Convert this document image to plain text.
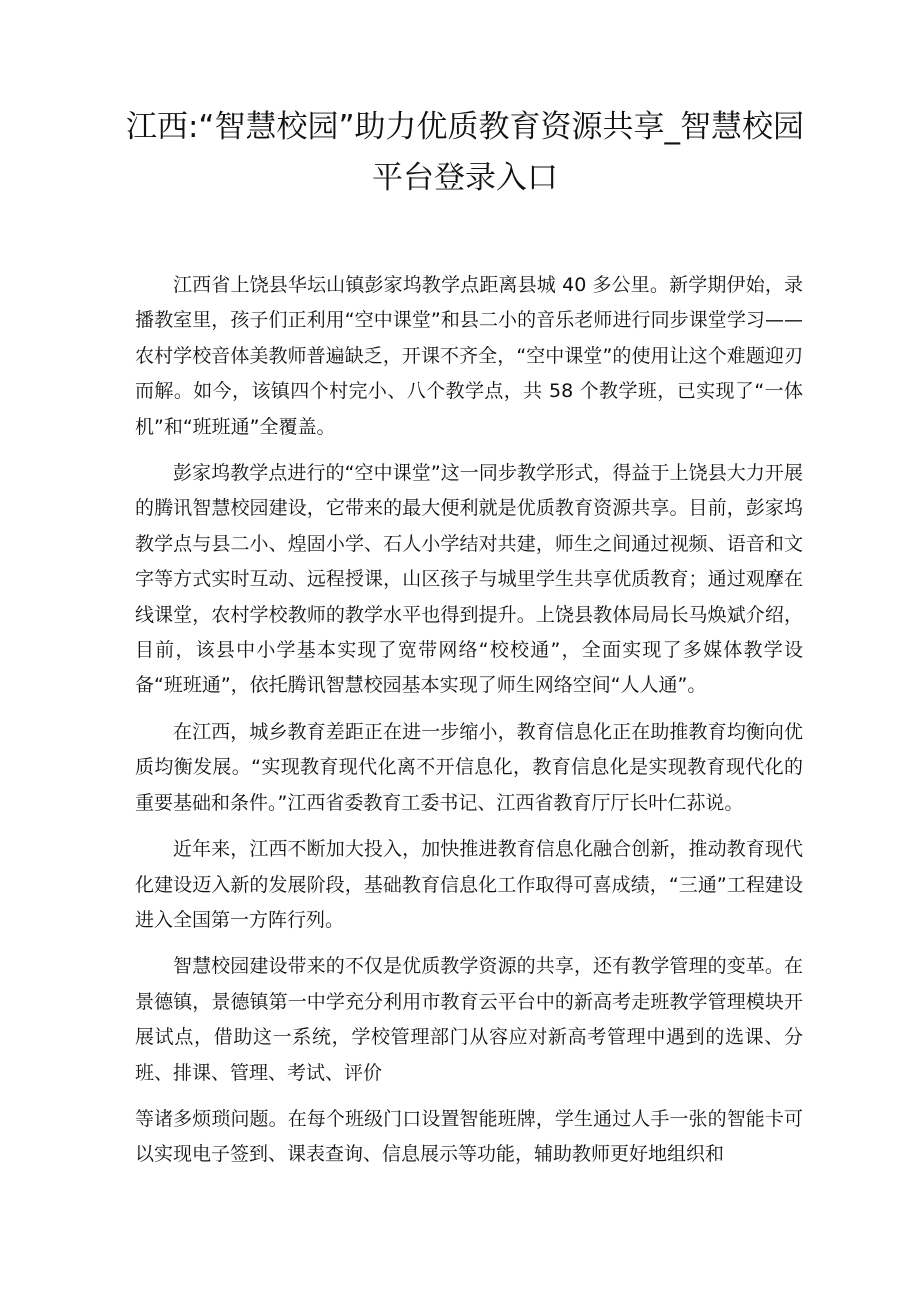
江西:“智慧校园”助力优质教育资源共享_智慧校园平台登录入口

江西省上饶县华坛山镇彭家坞教学点距离县城 40 多公里。新学期伊始，录播教室里，孩子们正利用“空中课堂”和县二小的音乐老师进行同步课堂学习——农村学校音体美教师普遍缺乏，开课不齐全，“空中课堂”的使用让这个难题迎刃而解。如今，该镇四个村完小、八个教学点，共 58 个教学班，已实现了“一体机”和“班班通”全覆盖。

彭家坞教学点进行的“空中课堂”这一同步教学形式，得益于上饶县大力开展的腾讯智慧校园建设，它带来的最大便利就是优质教育资源共享。目前，彭家坞教学点与县二小、煌固小学、石人小学结对共建，师生之间通过视频、语音和文字等方式实时互动、远程授课，山区孩子与城里学生共享优质教育；通过观摩在线课堂，农村学校教师的教学水平也得到提升。上饶县教体局局长马焕斌介绍，目前，该县中小学基本实现了宽带网络“校校通”，全面实现了多媒体教学设备“班班通”，依托腾讯智慧校园基本实现了师生网络空间“人人通”。

在江西，城乡教育差距正在进一步缩小，教育信息化正在助推教育均衡向优质均衡发展。“实现教育现代化离不开信息化，教育信息化是实现教育现代化的重要基础和条件。”江西省委教育工委书记、江西省教育厅厅长叶仁荪说。

近年来，江西不断加大投入，加快推进教育信息化融合创新，推动教育现代化建设迈入新的发展阶段，基础教育信息化工作取得可喜成绩，“三通”工程建设进入全国第一方阵行列。

智慧校园建设带来的不仅是优质教学资源的共享，还有教学管理的变革。在景德镇，景德镇第一中学充分利用市教育云平台中的新高考走班教学管理模块开展试点，借助这一系统，学校管理部门从容应对新高考管理中遇到的选课、分班、排课、管理、考试、评价

等诸多烦琐问题。在每个班级门口设置智能班牌，学生通过人手一张的智能卡可以实现电子签到、课表查询、信息展示等功能，辅助教师更好地组织和
